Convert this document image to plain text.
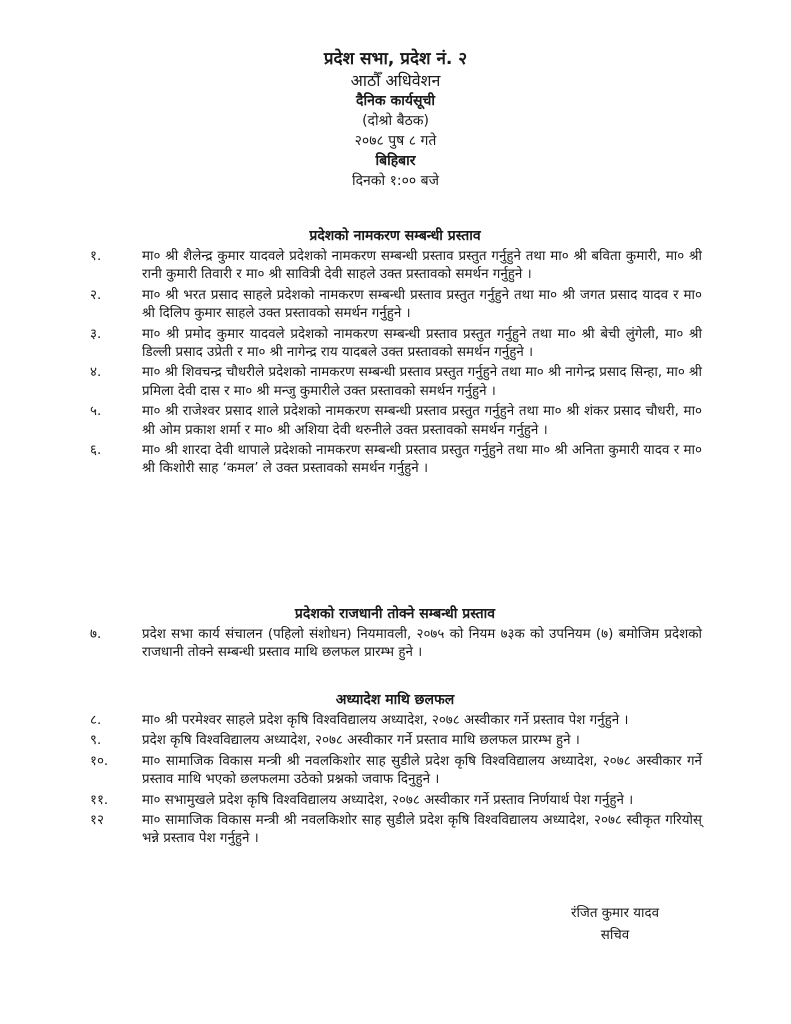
प्रदेश सभा, प्रदेश नं. २
आठौँ अधिवेशन
दैनिक कार्यसूची
(दोश्रो बैठक)
२०७८ पुष ८ गते
बिहिबार
दिनको १:०० बजे
प्रदेशको नामकरण सम्बन्धी प्रस्ताव
१.	मा० श्री शैलेन्द्र कुमार यादवले प्रदेशको नामकरण सम्बन्धी प्रस्ताव प्रस्तुत गर्नुहुने तथा मा० श्री बविता कुमारी, मा० श्री रानी कुमारी तिवारी र मा० श्री सावित्री देवी साहले उक्त प्रस्तावको समर्थन गर्नुहुने ।
२.	मा० श्री भरत प्रसाद साहले प्रदेशको नामकरण सम्बन्धी प्रस्ताव प्रस्तुत गर्नुहुने तथा मा० श्री जगत प्रसाद यादव र मा० श्री दिलिप कुमार साहले उक्त प्रस्तावको समर्थन गर्नुहुने ।
३.	मा० श्री प्रमोद कुमार यादवले प्रदेशको नामकरण सम्बन्धी प्रस्ताव प्रस्तुत गर्नुहुने तथा मा० श्री बेची लुंगेली, मा० श्री डिल्ली प्रसाद उप्रेती र मा० श्री नागेन्द्र राय यादबले उक्त प्रस्तावको समर्थन गर्नुहुने ।
४.	मा० श्री शिवचन्द्र चौधरीले प्रदेशको नामकरण सम्बन्धी प्रस्ताव प्रस्तुत गर्नुहुने तथा मा० श्री नागेन्द्र प्रसाद सिन्हा, मा० श्री प्रमिला देवी दास र मा० श्री मन्जु कुमारीले उक्त प्रस्तावको समर्थन गर्नुहुने ।
५.	मा० श्री राजेश्वर प्रसाद शाले प्रदेशको नामकरण सम्बन्धी प्रस्ताव प्रस्तुत गर्नुहुने तथा मा० श्री शंकर प्रसाद चौधरी, मा० श्री ओम प्रकाश शर्मा र मा० श्री अशिया देवी थरुनीले उक्त प्रस्तावको समर्थन गर्नुहुने ।
६.	मा० श्री शारदा देवी थापाले प्रदेशको नामकरण सम्बन्धी प्रस्ताव प्रस्तुत गर्नुहुने तथा मा० श्री अनिता कुमारी यादव र मा० श्री किशोरी साह ‘कमल’ ले उक्त प्रस्तावको समर्थन गर्नुहुने ।
प्रदेशको राजधानी तोक्ने सम्बन्धी प्रस्ताव
७.	प्रदेश सभा कार्य संचालन (पहिलो संशोधन) नियमावली, २०७५ को नियम ७३क को उपनियम (७) बमोजिम प्रदेशको राजधानी तोक्ने सम्बन्धी प्रस्ताव माथि छलफल प्रारम्भ हुने ।
अध्यादेश माथि छलफल
८.	मा० श्री परमेश्वर साहले प्रदेश कृषि विश्वविद्यालय अध्यादेश, २०७८ अस्वीकार गर्ने प्रस्ताव पेश गर्नुहुने ।
९.	प्रदेश कृषि विश्वविद्यालय अध्यादेश, २०७८ अस्वीकार गर्ने प्रस्ताव माथि छलफल प्रारम्भ हुने ।
१०.	मा० सामाजिक विकास मन्त्री श्री नवलकिशोर साह सुडीले प्रदेश कृषि विश्वविद्यालय अध्यादेश, २०७८ अस्वीकार गर्ने प्रस्ताव माथि भएको छलफलमा उठेको प्रश्नको जवाफ दिनुहुने ।
११.	मा० सभामुखले प्रदेश कृषि विश्वविद्यालय अध्यादेश, २०७८ अस्वीकार गर्ने प्रस्ताव निर्णयार्थ पेश गर्नुहुने ।
१२	मा० सामाजिक विकास मन्त्री श्री नवलकिशोर साह सुडीले प्रदेश कृषि विश्वविद्यालय अध्यादेश, २०७८ स्वीकृत गरियोस् भन्ने प्रस्ताव पेश गर्नुहुने ।
रंजित कुमार यादव
सचिव
